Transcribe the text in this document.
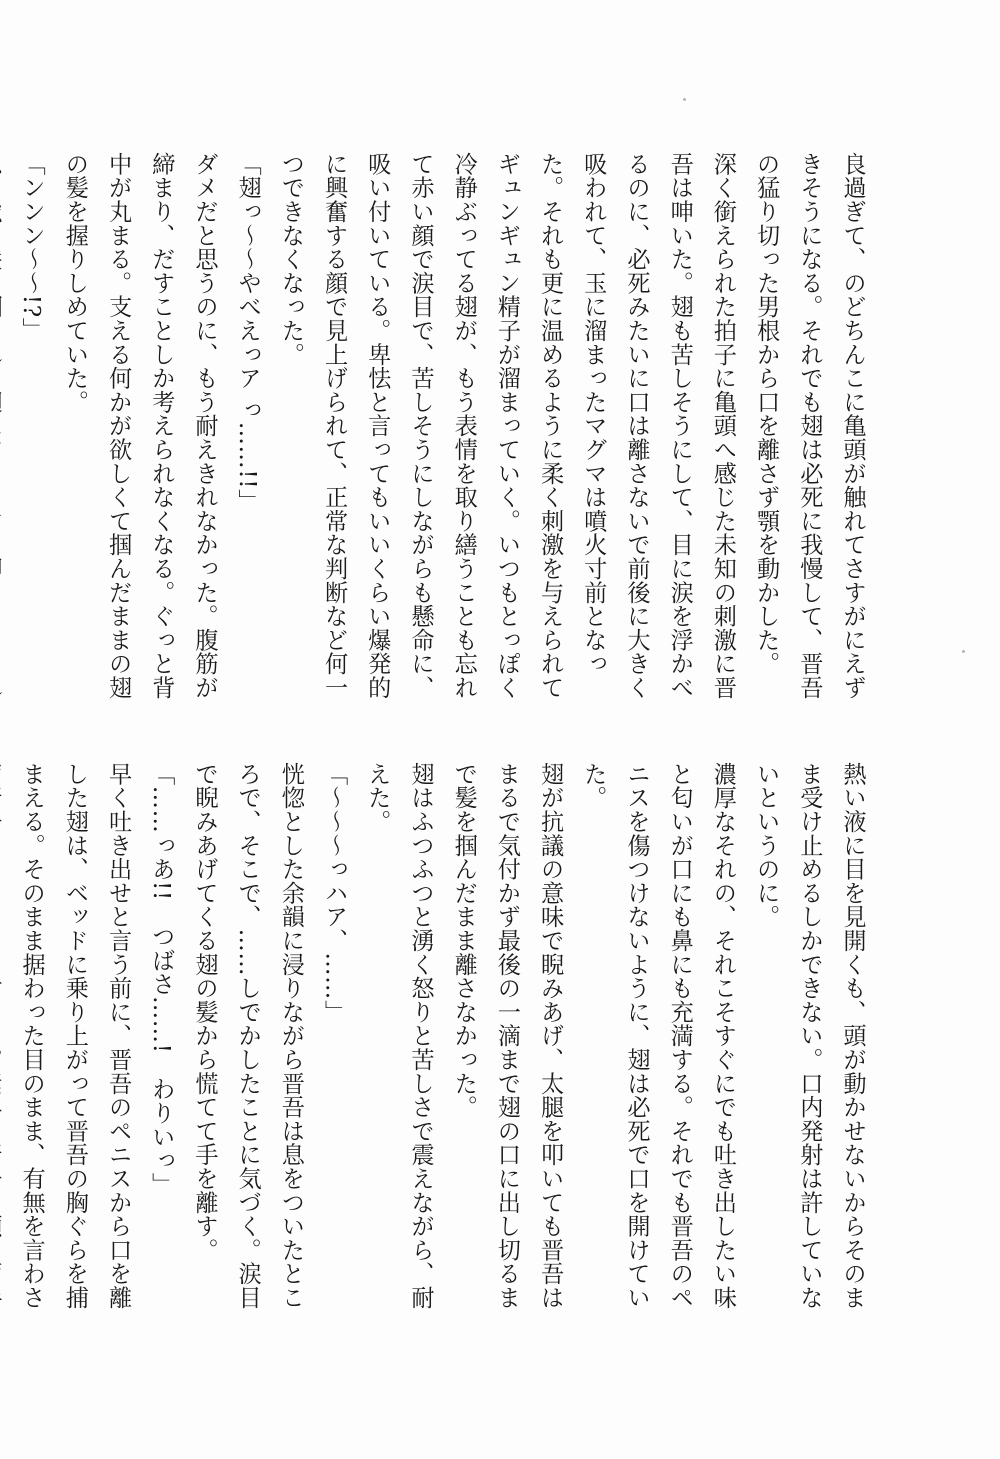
良過ぎて、のどちんこに亀頭が触れてさすがにえずきそうになる。それでも翅は必死に我慢して、晋吾の猛り切った男根から口を離さず顎を動かした。

深く銜えられた拍子に亀頭へ感じた未知の刺激に晋吾は呻いた。翅も苦しそうにして、目に涙を浮かべるのに、必死みたいに口は離さないで前後に大きく吸われて、玉に溜まったマグマは噴火寸前となった。それも更に温めるように柔く刺激を与えられてギュンギュン精子が溜まっていく。いつもとっぽく冷静ぶってる翅が、もう表情を取り繕うことも忘れて赤い顔で涙目で、苦しそうにしながらも懸命に、吸い付いている。卑怯と言ってもいいくらい爆発的に興奮する顔で見上げられて、正常な判断など何一つできなくなった。

「翅っ〜〜やべえっア っ……!!」

ダメだと思うのに、もう耐えきれなかった。腹筋が締まり、だすことしか考えられなくなる。ぐっと背中が丸まる。支える何かが欲しくて掴んだままの翅の髪を握りしめていた。

「ンンン〜〜!?」

熱い液に目を見開くも、頭が動かせないからそのまま受け止めるしかできない。口内発射は許していないというのに。

濃厚なそれの、それこそすぐにでも吐き出したい味と匂いが口にも鼻にも充満する。それでも晋吾のペニスを傷つけないように、翅は必死で口を開けていた。

翅が抗議の意味で睨みあげ、太腿を叩いても晋吾はまるで気付かず最後の一滴まで翅の口に出し切るまで髪を掴んだまま離さなかった。

翅はふつふつと湧く怒りと苦しさで震えながら、耐えた。

「〜〜〜っハア、……」

恍惚とした余韻に浸りながら晋吾は息をついたところで、そこで、……しでかしたことに気づく。涙目で睨みあげてくる翅の髪から慌てて手を離す。

「……っあ!!　つばさ……!　わりいっ」

早く吐き出せと言う前に、晋吾のペニスから口を離した翅は、ベッドに乗り上がって晋吾の胸ぐらを捕まえる。そのまま据わった目のまま、有無を言わさ
